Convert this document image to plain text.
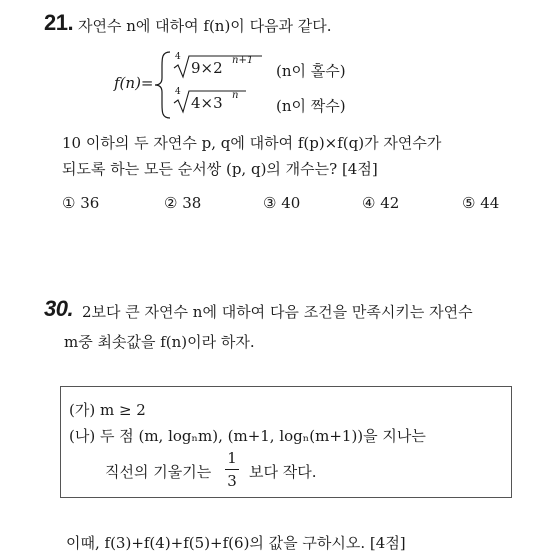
21. 자연수 n에 대하여 f(n)이 다음과 같다.
f(n)=
4
9×2 n+1
(n이 홀수)
4
4×3 n
(n이 짝수)
10 이하의 두 자연수 p, q에 대하여 f(p)×f(q)가 자연수가
되도록 하는 모든 순서쌍 (p, q)의 개수는? [4점]
① 36	② 38	③ 40	④ 42	⑤ 44
30. 2보다 큰 자연수 n에 대하여 다음 조건을 만족시키는 자연수
m중 최솟값을 f(n)이라 하자.
(가) m ≥ 2
(나) 두 점 (m, logₙm), (m+1, logₙ(m+1))을 지나는
직선의 기울기는
1
3 보다 작다.
이때, f(3)+f(4)+f(5)+f(6)의 값을 구하시오. [4점]
